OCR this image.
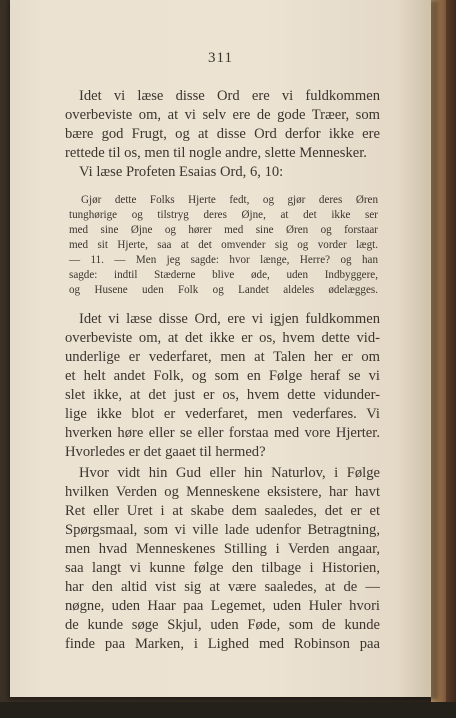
311
Idet vi læse disse Ord ere vi fuldkommen
overbeviste om, at vi selv ere de gode Træer, som
bære god Frugt, og at disse Ord derfor ikke ere
rettede til os, men til nogle andre, slette Mennesker.
Vi læse Profeten Esaias Ord, 6, 10:
Gjør dette Folks Hjerte fedt, og gjør deres Øren
tunghørige og tilstryg deres Øjne, at det ikke ser
med sine Øjne og hører med sine Øren og forstaar
med sit Hjerte, saa at det omvender sig og vorder lægt.
— 11. — Men jeg sagde: hvor længe, Herre? og han
sagde: indtil Stæderne blive øde, uden Indbyggere,
og Husene uden Folk og Landet aldeles ødelægges.
Idet vi læse disse Ord, ere vi igjen fuldkommen
overbeviste om, at det ikke er os, hvem dette vid-
underlige er vederfaret, men at Talen her er om
et helt andet Folk, og som en Følge heraf se vi
slet ikke, at det just er os, hvem dette vidunder-
lige ikke blot er vederfaret, men vederfares. Vi
hverken høre eller se eller forstaa med vore Hjerter.
Hvorledes er det gaaet til hermed?
Hvor vidt hin Gud eller hin Naturlov, i Følge
hvilken Verden og Menneskene eksistere, har havt
Ret eller Uret i at skabe dem saaledes, det er et
Spørgsmaal, som vi ville lade udenfor Betragtning,
men hvad Menneskenes Stilling i Verden angaar,
saa langt vi kunne følge den tilbage i Historien,
har den altid vist sig at være saaledes, at de —
nøgne, uden Haar paa Legemet, uden Huler hvori
de kunde søge Skjul, uden Føde, som de kunde
finde paa Marken, i Lighed med Robinson paa
